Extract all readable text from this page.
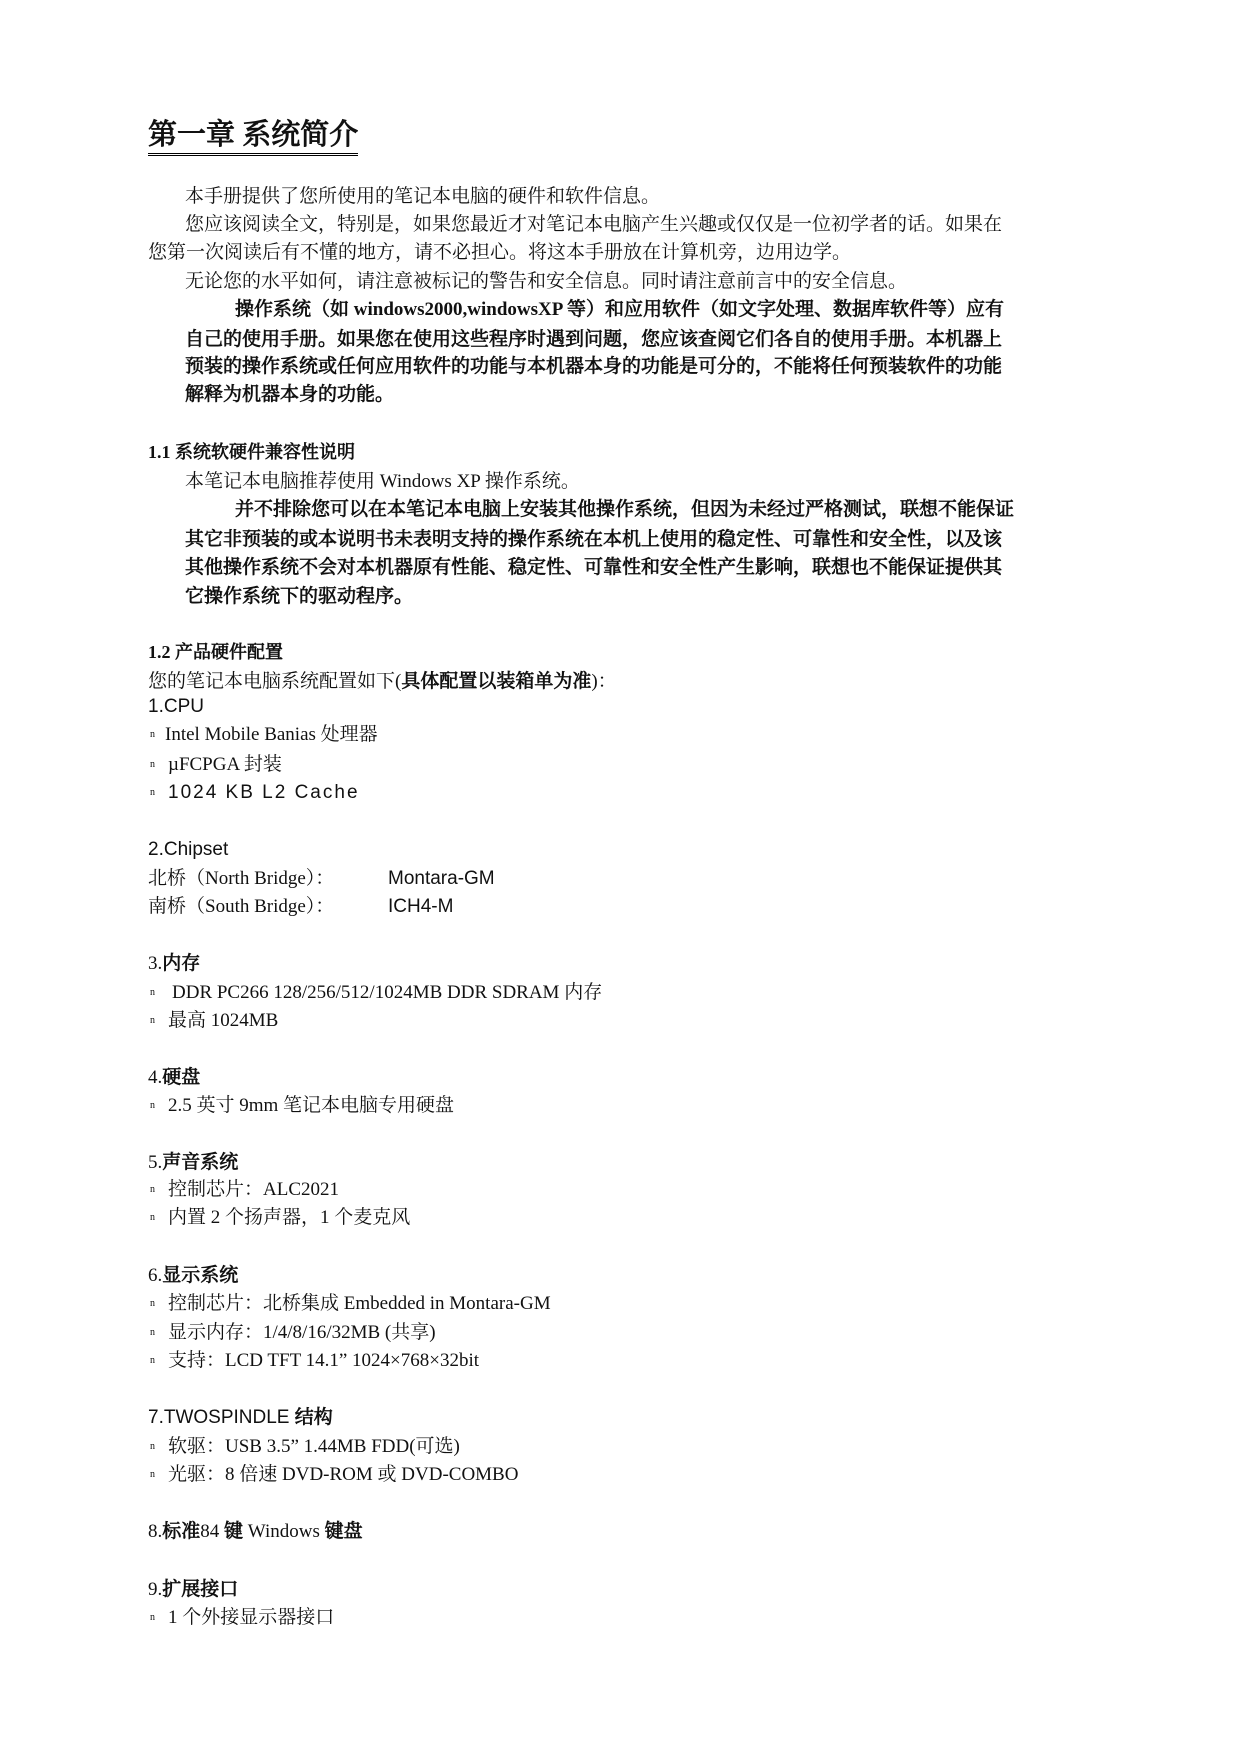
第一章 系统简介
本手册提供了您所使用的笔记本电脑的硬件和软件信息。
您应该阅读全文，特别是，如果您最近才对笔记本电脑产生兴趣或仅仅是一位初学者的话。如果在
您第一次阅读后有不懂的地方，请不必担心。将这本手册放在计算机旁，边用边学。
无论您的水平如何，请注意被标记的警告和安全信息。同时请注意前言中的安全信息。
操作系统（如 windows2000,windowsXP 等）和应用软件（如文字处理、数据库软件等）应有
自己的使用手册。如果您在使用这些程序时遇到问题，您应该查阅它们各自的使用手册。本机器上
预装的操作系统或任何应用软件的功能与本机器本身的功能是可分的，不能将任何预装软件的功能
解释为机器本身的功能。
1.1 系统软硬件兼容性说明
本笔记本电脑推荐使用 Windows XP 操作系统。
并不排除您可以在本笔记本电脑上安装其他操作系统，但因为未经过严格测试，联想不能保证
其它非预装的或本说明书未表明支持的操作系统在本机上使用的稳定性、可靠性和安全性，以及该
其他操作系统不会对本机器原有性能、稳定性、可靠性和安全性产生影响，联想也不能保证提供其
它操作系统下的驱动程序。
1.2 产品硬件配置
您的笔记本电脑系统配置如下(具体配置以装箱单为准)：
1.CPU
n Intel Mobile Banias 处理器
n µFCPGA 封装
n 1024 KB L2 Cache
2.Chipset
北桥（North Bridge）：	Montara-GM
南桥（South Bridge）：	ICH4-M
3.内存
n DDR PC266 128/256/512/1024MB DDR SDRAM 内存
n 最高 1024MB
4.硬盘
n 2.5 英寸 9mm 笔记本电脑专用硬盘
5.声音系统
n 控制芯片：ALC2021
n 内置 2 个扬声器，1 个麦克风
6.显示系统
n 控制芯片：北桥集成 Embedded in Montara-GM
n 显示内存：1/4/8/16/32MB (共享)
n 支持：LCD TFT 14.1” 1024×768×32bit
7.TWOSPINDLE 结构
n 软驱：USB 3.5” 1.44MB FDD(可选)
n 光驱：8 倍速 DVD-ROM 或 DVD-COMBO
8.标准84 键 Windows 键盘
9.扩展接口
n 1 个外接显示器接口
